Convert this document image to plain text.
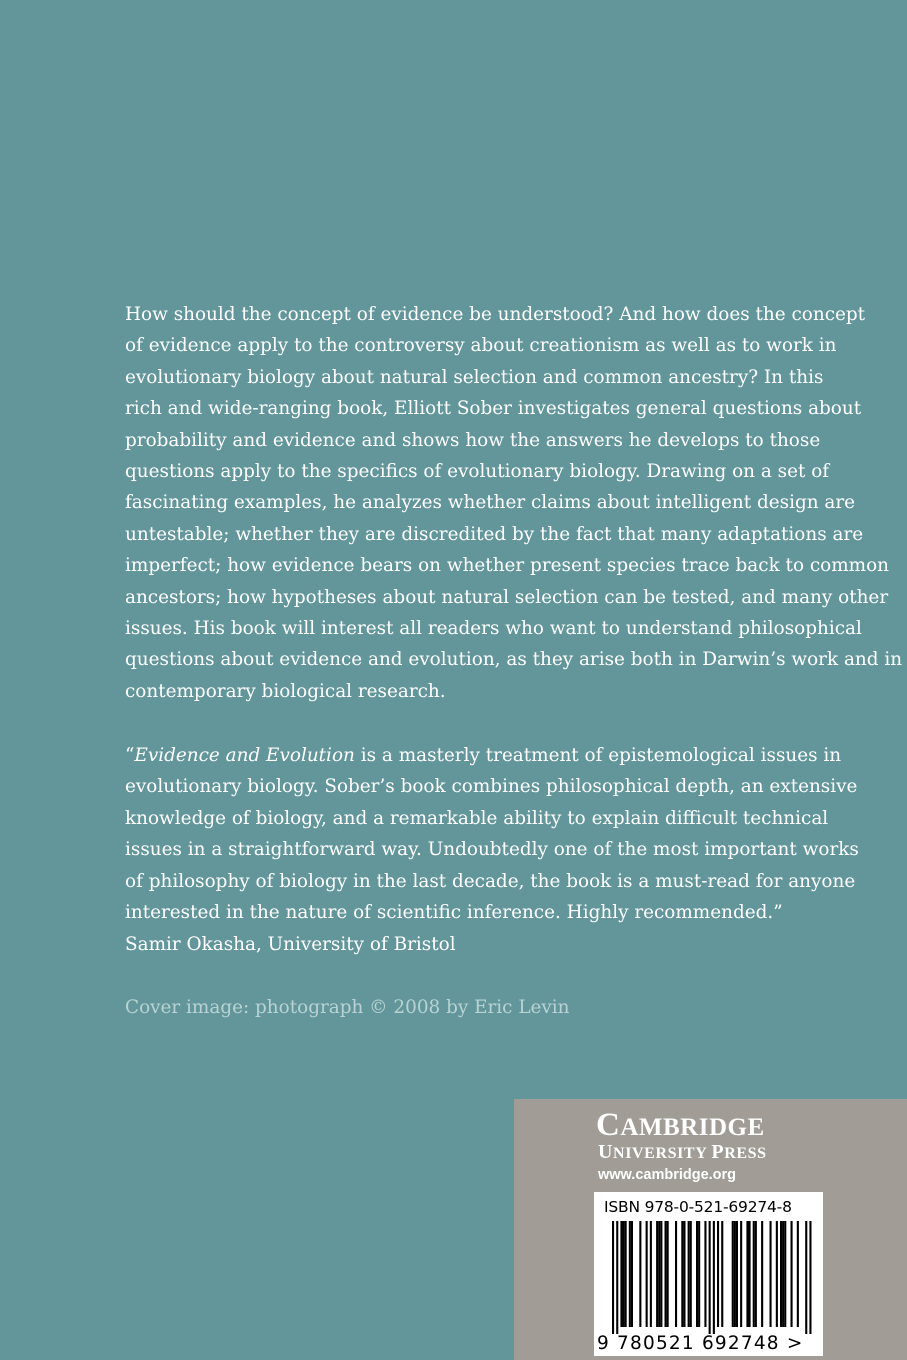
How should the concept of evidence be understood? And how does the concept
of evidence apply to the controversy about creationism as well as to work in
evolutionary biology about natural selection and common ancestry? In this
rich and wide-ranging book, Elliott Sober investigates general questions about
probability and evidence and shows how the answers he develops to those
questions apply to the specifics of evolutionary biology. Drawing on a set of
fascinating examples, he analyzes whether claims about intelligent design are
untestable; whether they are discredited by the fact that many adaptations are
imperfect; how evidence bears on whether present species trace back to common
ancestors; how hypotheses about natural selection can be tested, and many other
issues. His book will interest all readers who want to understand philosophical
questions about evidence and evolution, as they arise both in Darwin’s work and in
contemporary biological research.
“Evidence and Evolution is a masterly treatment of epistemological issues in
evolutionary biology. Sober’s book combines philosophical depth, an extensive
knowledge of biology, and a remarkable ability to explain difficult technical
issues in a straightforward way. Undoubtedly one of the most important works
of philosophy of biology in the last decade, the book is a must-read for anyone
interested in the nature of scientific inference. Highly recommended.”
Samir Okasha, University of Bristol
Cover image: photograph © 2008 by Eric Levin
CAMBRIDGE
UNIVERSITY PRESS
www.cambridge.org
ISBN 978-0-521-69274-8
9 780521 692748 >
